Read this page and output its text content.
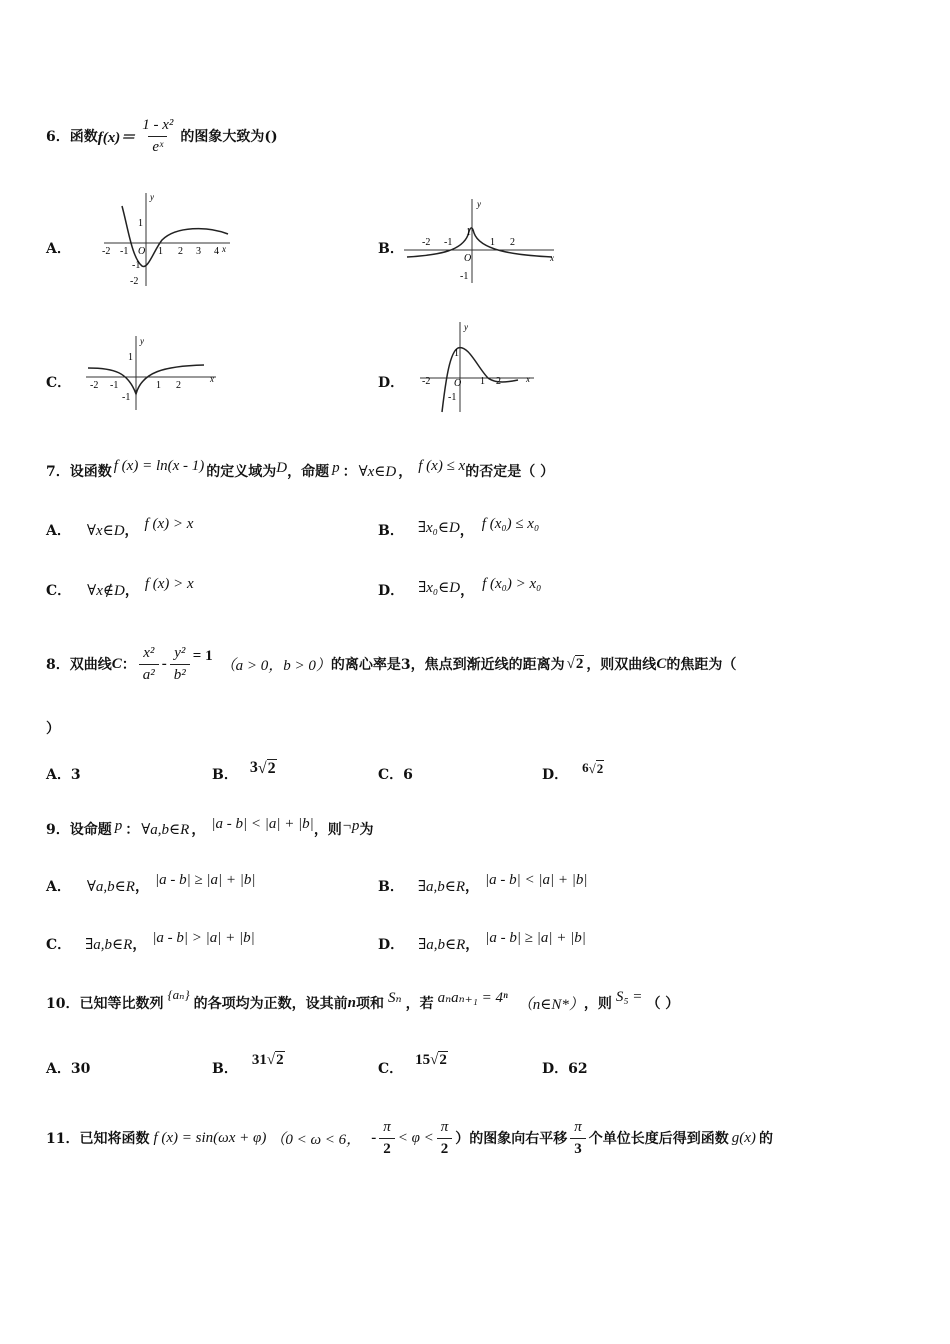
6．函数 $f(x)= \frac{\text{1 - x²}}{\text{eˣ}}$ 的图象大致为()
A．
y
x
-2 -1 O 1 2 3 4
-1
-2
1
B．
y
x
-2 -1
1
1 2
O
-1
C．
y
x
-2 -1
1
1 2
-1
D．
y
x
-2 O 1 2
1
-1
7．设函数 f (x) = ln(x - 1) 的定义域为 D ，命题 p ： ∀x∈D ， f (x) ≤ x 的否定是（ ）
A． ∀x∈D ， f (x) > x	B． ∃x₀∈D ， f (x₀) ≤ x₀
C． ∀x∉D ， f (x) > x	D． ∃x₀∈D ， f (x₀) > x₀
8．双曲线 C ： $\frac{\text{x²}}{\text{a²}} - \frac{\text{y²}}{\text{b²}} = 1$
（a > 0，b > 0） 的离心率是3，焦点到渐近线的距离为 √ 2 ，则双曲线 C 的焦距为（
）
A．3	B． 3 √ 2	C．6	D． 6 √ 2
9．设命题 p ： ∀a,b∈R ， |a - b| < |a| + |b| ，则 ¬p 为
A． ∀a,b∈R ， |a - b| ≥ |a| + |b|	B． ∃a,b∈R ， |a - b| < |a| + |b|
C． ∃a,b∈R ， |a - b| > |a| + |b|	D． ∃a,b∈R ， |a - b| ≥ |a| + |b|
10．已知等比数列
{aₙ}
的各项均为正数，设其前 n 项和 Sₙ ，若 aₙaₙ₊₁ = 4ⁿ （n∈N*） ，则 S₅ = （ ）
A．30	B．
31 √ 2
C．
15 √ 2
D．62
11．已知将函数 f (x) = sin(ωx + φ) （0 < ω < 6， - $\frac{\pi}{2} < \varphi < \frac{\pi}{2}$ ） 的图象向右平移 $\frac{\pi}{3}$ 个单位长度后得到函数 g(x) 的
